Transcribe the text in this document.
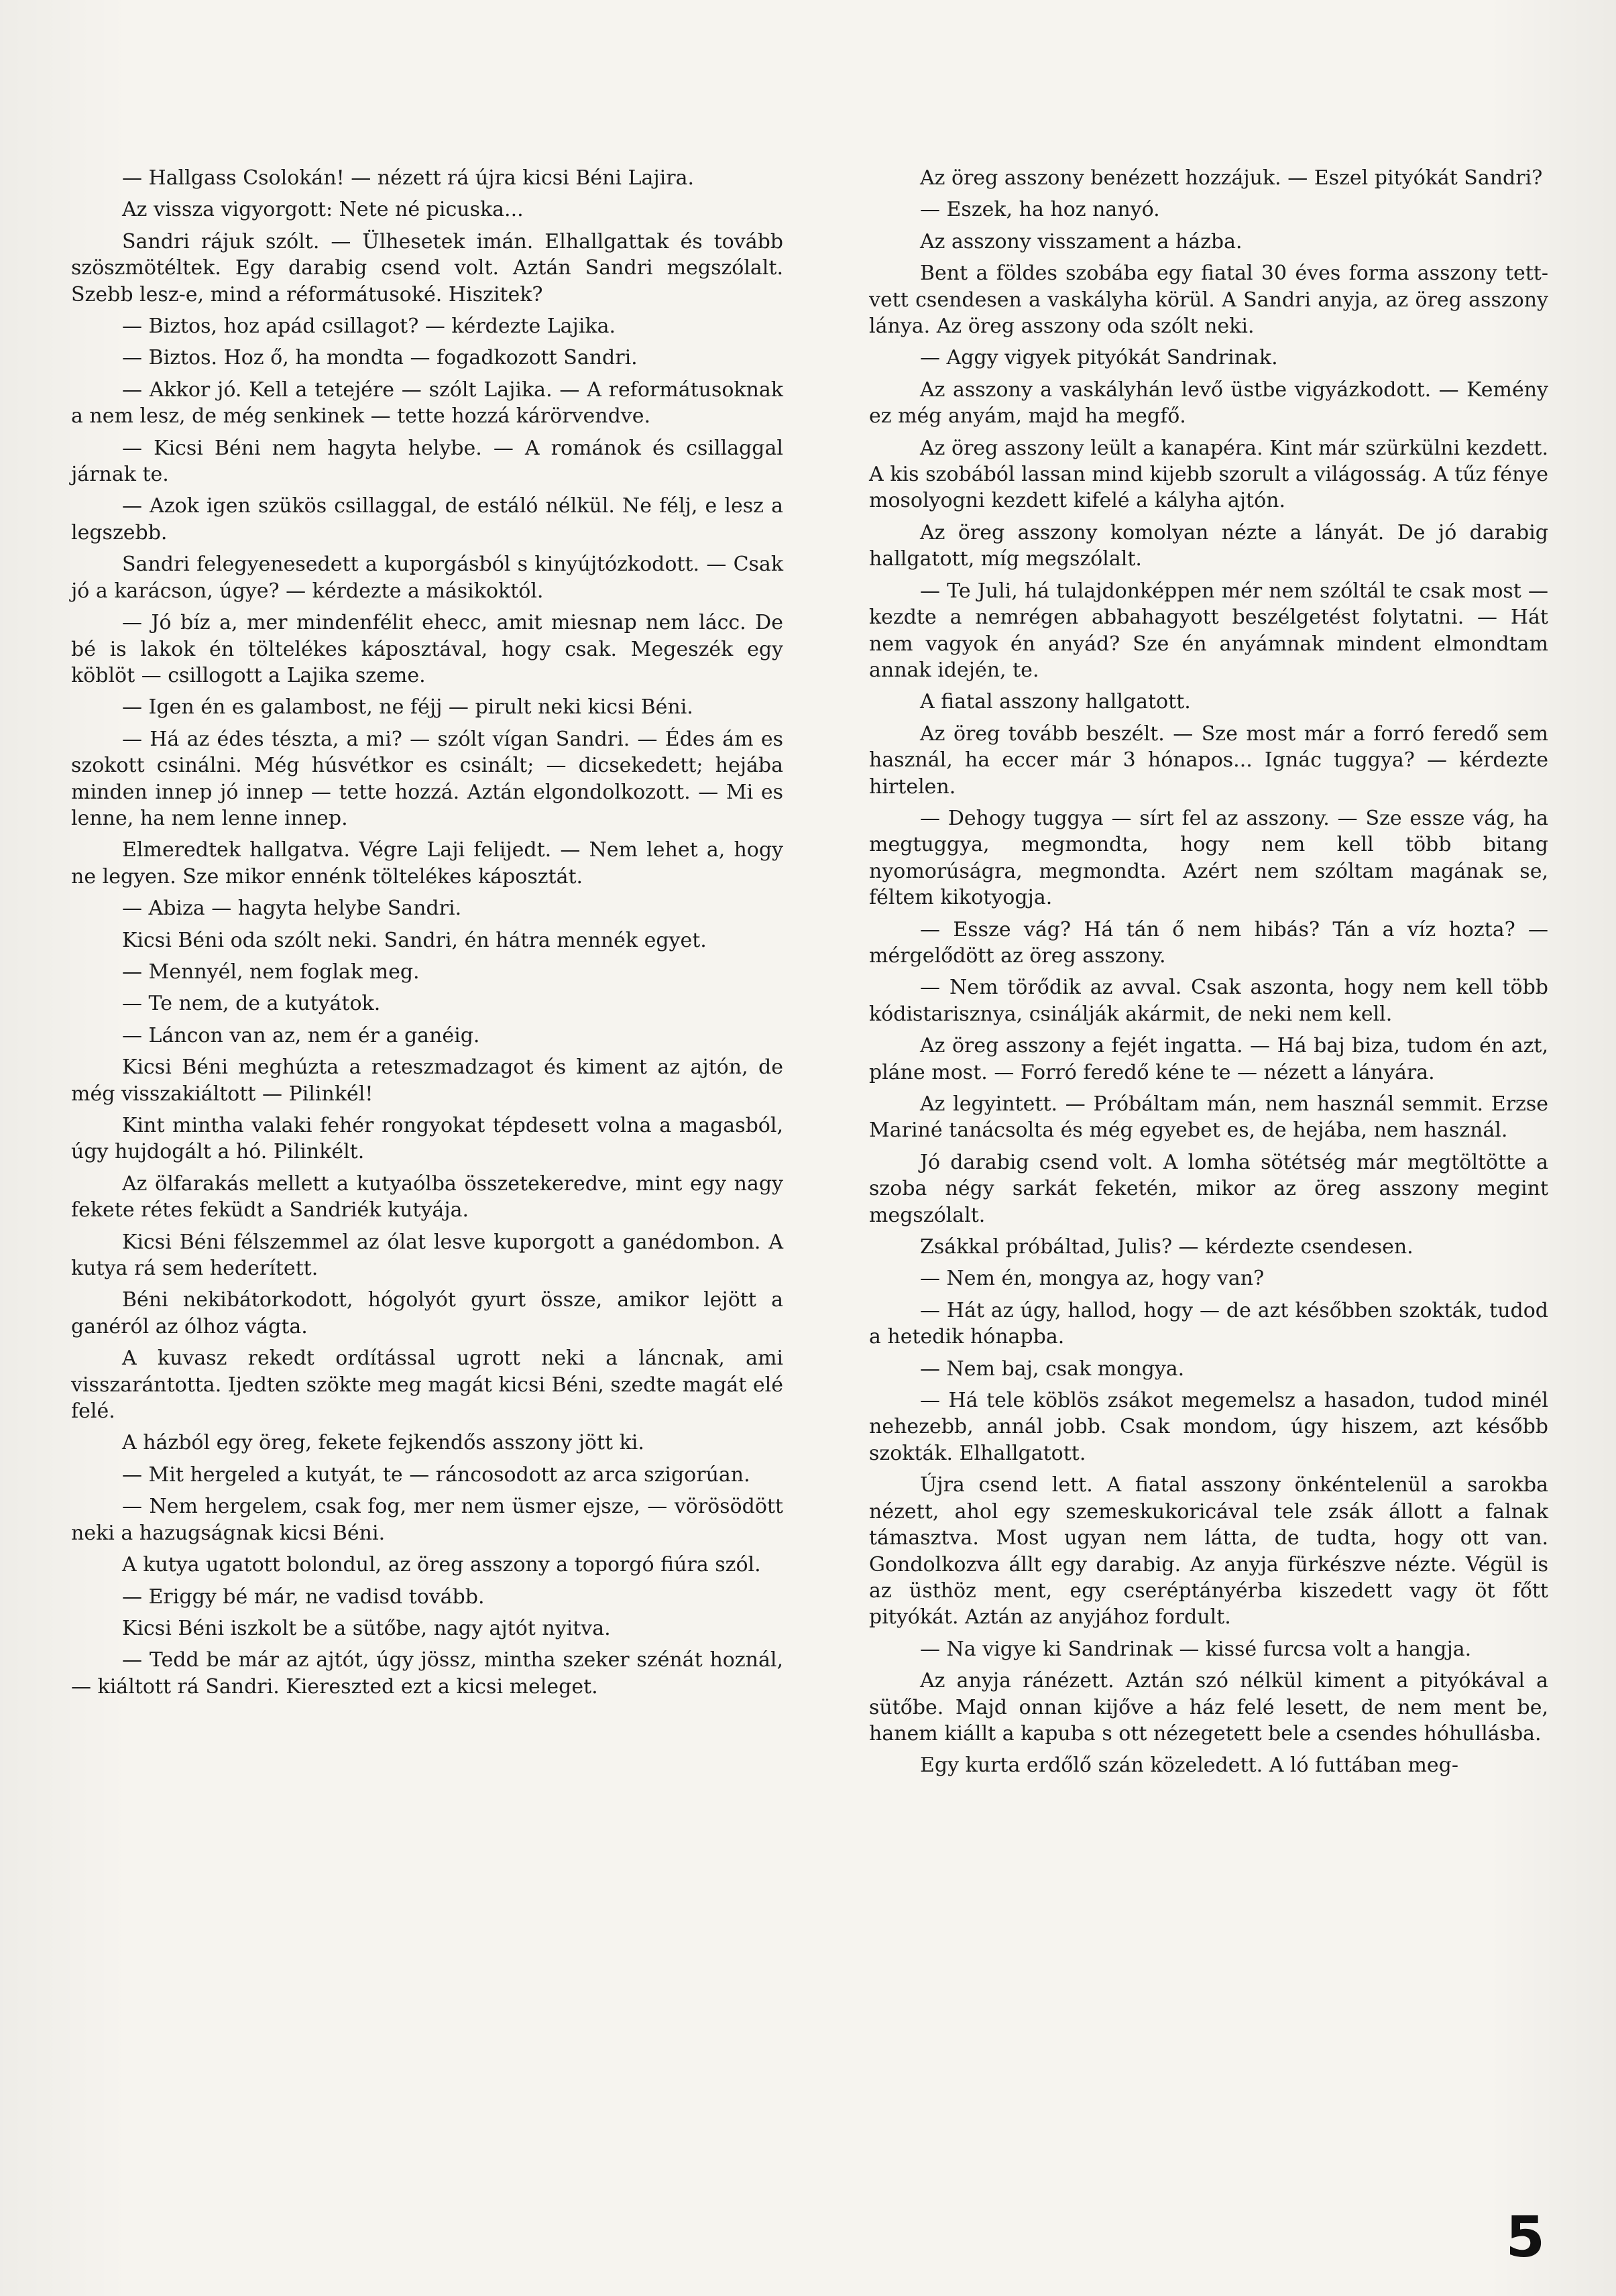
— Hallgass Csolokán! — nézett rá újra kicsi Béni Lajira.

Az vissza vigyorgott: Nete né picuska...

Sandri rájuk szólt. — Ülhesetek imán. Elhallgattak és tovább szöszmötéltek. Egy darabig csend volt. Aztán Sandri megszólalt. Szebb lesz-e, mind a réformátusoké. Hiszitek?

— Biztos, hoz apád csillagot? — kérdezte Lajika.

— Biztos. Hoz ő, ha mondta — fogadkozott Sandri.

— Akkor jó. Kell a tetejére — szólt Lajika. — A reformátusoknak a nem lesz, de még senkinek — tette hozzá kárörvendve.

— Kicsi Béni nem hagyta helybe. — A románok és csillaggal járnak te.

— Azok igen szükös csillaggal, de estáló nélkül. Ne félj, e lesz a legszebb.

Sandri felegyenesedett a kuporgásból s kinyújtózkodott. — Csak jó a karácson, úgye? — kérdezte a másikoktól.

— Jó bíz a, mer mindenfélit ehecc, amit miesnap nem lácc. De bé is lakok én töltelékes káposztával, hogy csak. Megeszék egy köblöt — csillogott a Lajika szeme.

— Igen én es galambost, ne féjj — pirult neki kicsi Béni.

— Há az édes tészta, a mi? — szólt vígan Sandri. — Édes ám es szokott csinálni. Még húsvétkor es csinált; — dicsekedett; hejába minden innep jó innep — tette hozzá. Aztán elgondolkozott. — Mi es lenne, ha nem lenne innep.

Elmeredtek hallgatva. Végre Laji felijedt. — Nem lehet a, hogy ne legyen. Sze mikor ennénk töltelékes káposztát.

— Abiza — hagyta helybe Sandri.

Kicsi Béni oda szólt neki. Sandri, én hátra mennék egyet.

— Mennyél, nem foglak meg.

— Te nem, de a kutyátok.

— Láncon van az, nem ér a ganéig.

Kicsi Béni meghúzta a reteszmadzagot és kiment az ajtón, de még visszakiáltott — Pilinkél!

Kint mintha valaki fehér rongyokat tépdesett volna a magasból, úgy hujdogált a hó. Pilinkélt.

Az ölfarakás mellett a kutyaólba összetekeredve, mint egy nagy fekete rétes feküdt a Sandriék kutyája.

Kicsi Béni félszemmel az ólat lesve kuporgott a ganédombon. A kutya rá sem hederített.

Béni nekibátorkodott, hógolyót gyurt össze, amikor lejött a ganéról az ólhoz vágta.

A kuvasz rekedt ordítással ugrott neki a láncnak, ami visszarántotta. Ijedten szökte meg magát kicsi Béni, szedte magát elé felé.

A házból egy öreg, fekete fejkendős asszony jött ki.

— Mit hergeled a kutyát, te — ráncosodott az arca szigorúan.

— Nem hergelem, csak fog, mer nem üsmer ejsze, — vörösödött neki a hazugságnak kicsi Béni.

A kutya ugatott bolondul, az öreg asszony a toporgó fiúra szól.

— Eriggy bé már, ne vadisd tovább.

Kicsi Béni iszkolt be a sütőbe, nagy ajtót nyitva.

— Tedd be már az ajtót, úgy jössz, mintha szeker szénát hoznál, — kiáltott rá Sandri. Kiereszted ezt a kicsi meleget.

Az öreg asszony benézett hozzájuk. — Eszel pityókát Sandri?

— Eszek, ha hoz nanyó.

Az asszony visszament a házba.

Bent a földes szobába egy fiatal 30 éves forma asszony tett-vett csendesen a vaskályha körül. A Sandri anyja, az öreg asszony lánya. Az öreg asszony oda szólt neki.

— Aggy vigyek pityókát Sandrinak.

Az asszony a vaskályhán levő üstbe vigyázkodott. — Kemény ez még anyám, majd ha megfő.

Az öreg asszony leült a kanapéra. Kint már szürkülni kezdett. A kis szobából lassan mind kijebb szorult a világosság. A tűz fénye mosolyogni kezdett kifelé a kályha ajtón.

Az öreg asszony komolyan nézte a lányát. De jó darabig hallgatott, míg megszólalt.

— Te Juli, há tulajdonképpen mér nem szóltál te csak most — kezdte a nemrégen abbahagyott beszélgetést folytatni. — Hát nem vagyok én anyád? Sze én anyámnak mindent elmondtam annak idején, te.

A fiatal asszony hallgatott.

Az öreg tovább beszélt. — Sze most már a forró feredő sem használ, ha eccer már 3 hónapos... Ignác tuggya? — kérdezte hirtelen.

— Dehogy tuggya — sírt fel az asszony. — Sze essze vág, ha megtuggya, megmondta, hogy nem kell több bitang nyomorúságra, megmondta. Azért nem szóltam magának se, féltem kikotyogja.

— Essze vág? Há tán ő nem hibás? Tán a víz hozta? — mérgelődött az öreg asszony.

— Nem törődik az avval. Csak aszonta, hogy nem kell több kódistarisznya, csinálják akármit, de neki nem kell.

Az öreg asszony a fejét ingatta. — Há baj biza, tudom én azt, pláne most. — Forró feredő kéne te — nézett a lányára.

Az legyintett. — Próbáltam mán, nem használ semmit. Erzse Mariné tanácsolta és még egyebet es, de hejába, nem használ.

Jó darabig csend volt. A lomha sötétség már megtöltötte a szoba négy sarkát feketén, mikor az öreg asszony megint megszólalt.

Zsákkal próbáltad, Julis? — kérdezte csendesen.

— Nem én, mongya az, hogy van?

— Hát az úgy, hallod, hogy — de azt későbben szokták, tudod a hetedik hónapba.

— Nem baj, csak mongya.

— Há tele köblös zsákot megemelsz a hasadon, tudod minél nehezebb, annál jobb. Csak mondom, úgy hiszem, azt később szokták. Elhallgatott.

Újra csend lett. A fiatal asszony önkéntelenül a sarokba nézett, ahol egy szemeskukoricával tele zsák állott a falnak támasztva. Most ugyan nem látta, de tudta, hogy ott van. Gondolkozva állt egy darabig. Az anyja fürkészve nézte. Végül is az üsthöz ment, egy cseréptányérba kiszedett vagy öt főtt pityókát. Aztán az anyjához fordult.

— Na vigye ki Sandrinak — kissé furcsa volt a hangja.

Az anyja ránézett. Aztán szó nélkül kiment a pityókával a sütőbe. Majd onnan kijőve a ház felé lesett, de nem ment be, hanem kiállt a kapuba s ott nézegetett bele a csendes hóhullásba.

Egy kurta erdőlő szán közeledett. A ló futtában meg-

5
